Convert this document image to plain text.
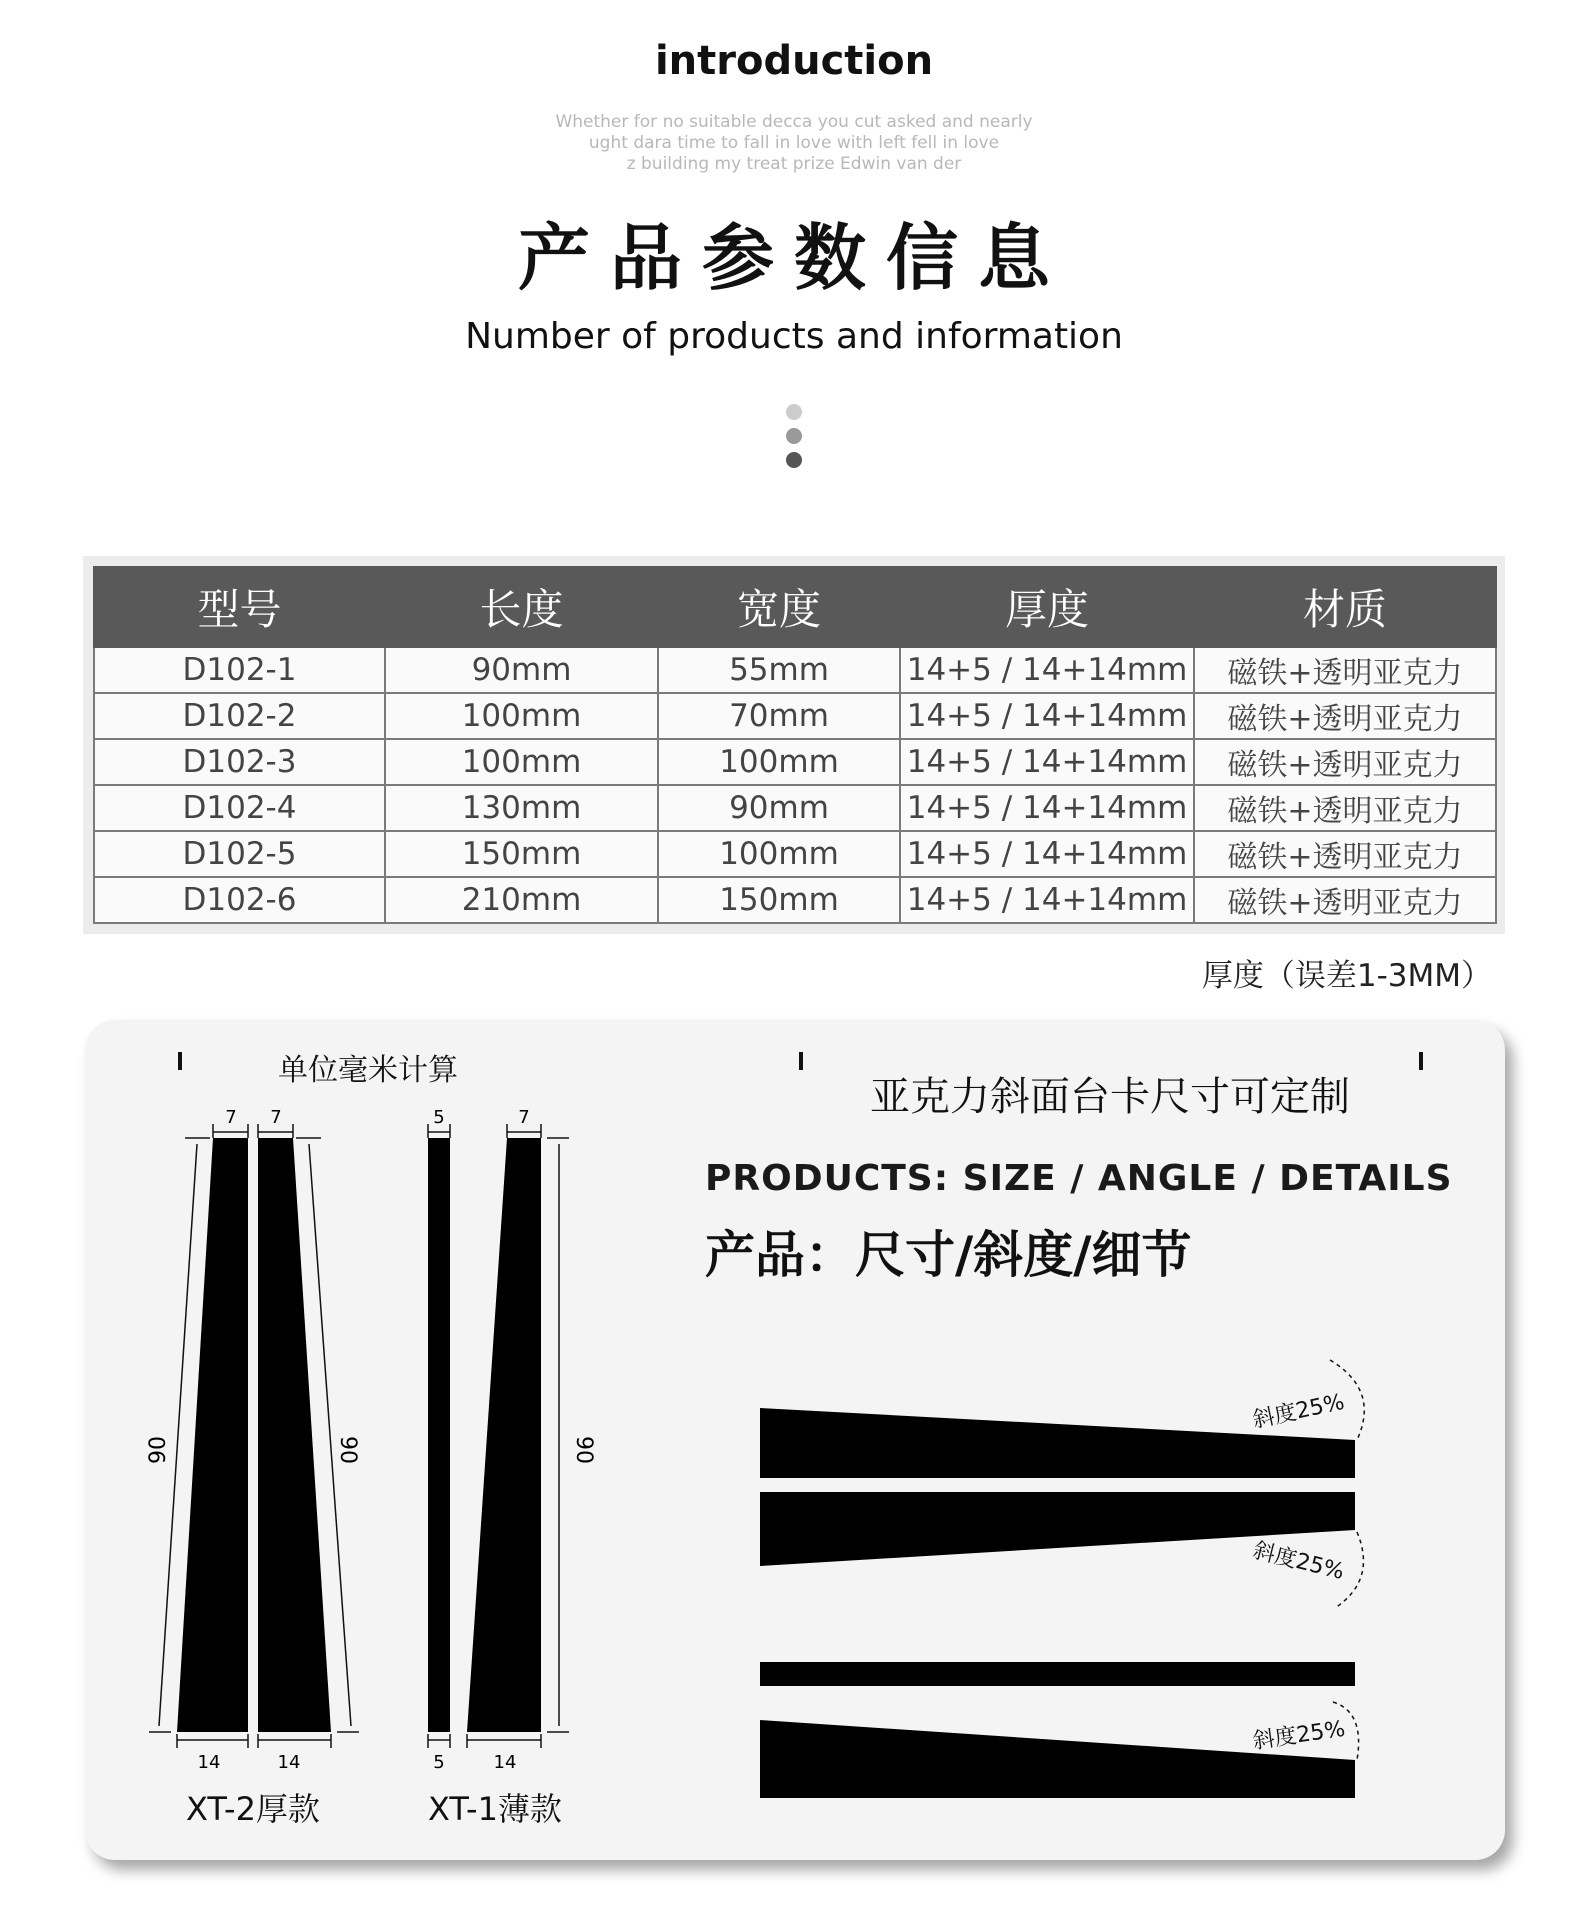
introduction
Whether for no suitable decca you cut asked and nearly
ught dara time to fall in love with left fell in love
z building my treat prize Edwin van der
产品参数信息
Number of products and information
型号	长度	宽度	厚度	材质
D102-1	90mm	55mm	14+5 / 14+14mm	磁铁+透明亚克力
D102-2	100mm	70mm	14+5 / 14+14mm	磁铁+透明亚克力
D102-3	100mm	100mm	14+5 / 14+14mm	磁铁+透明亚克力
D102-4	130mm	90mm	14+5 / 14+14mm	磁铁+透明亚克力
D102-5	150mm	100mm	14+5 / 14+14mm	磁铁+透明亚克力
D102-6	210mm	150mm	14+5 / 14+14mm	磁铁+透明亚克力
厚度（误差1-3MM）
单位毫米计算
7 7
90	90
14	14
XT-2厚款
5	7
90
5	14
XT-1薄款
亚克力斜面台卡尺寸可定制
PRODUCTS: SIZE / ANGLE / DETAILS
产品：尺寸/斜度/细节
斜度25%
斜度25%
斜度25%
